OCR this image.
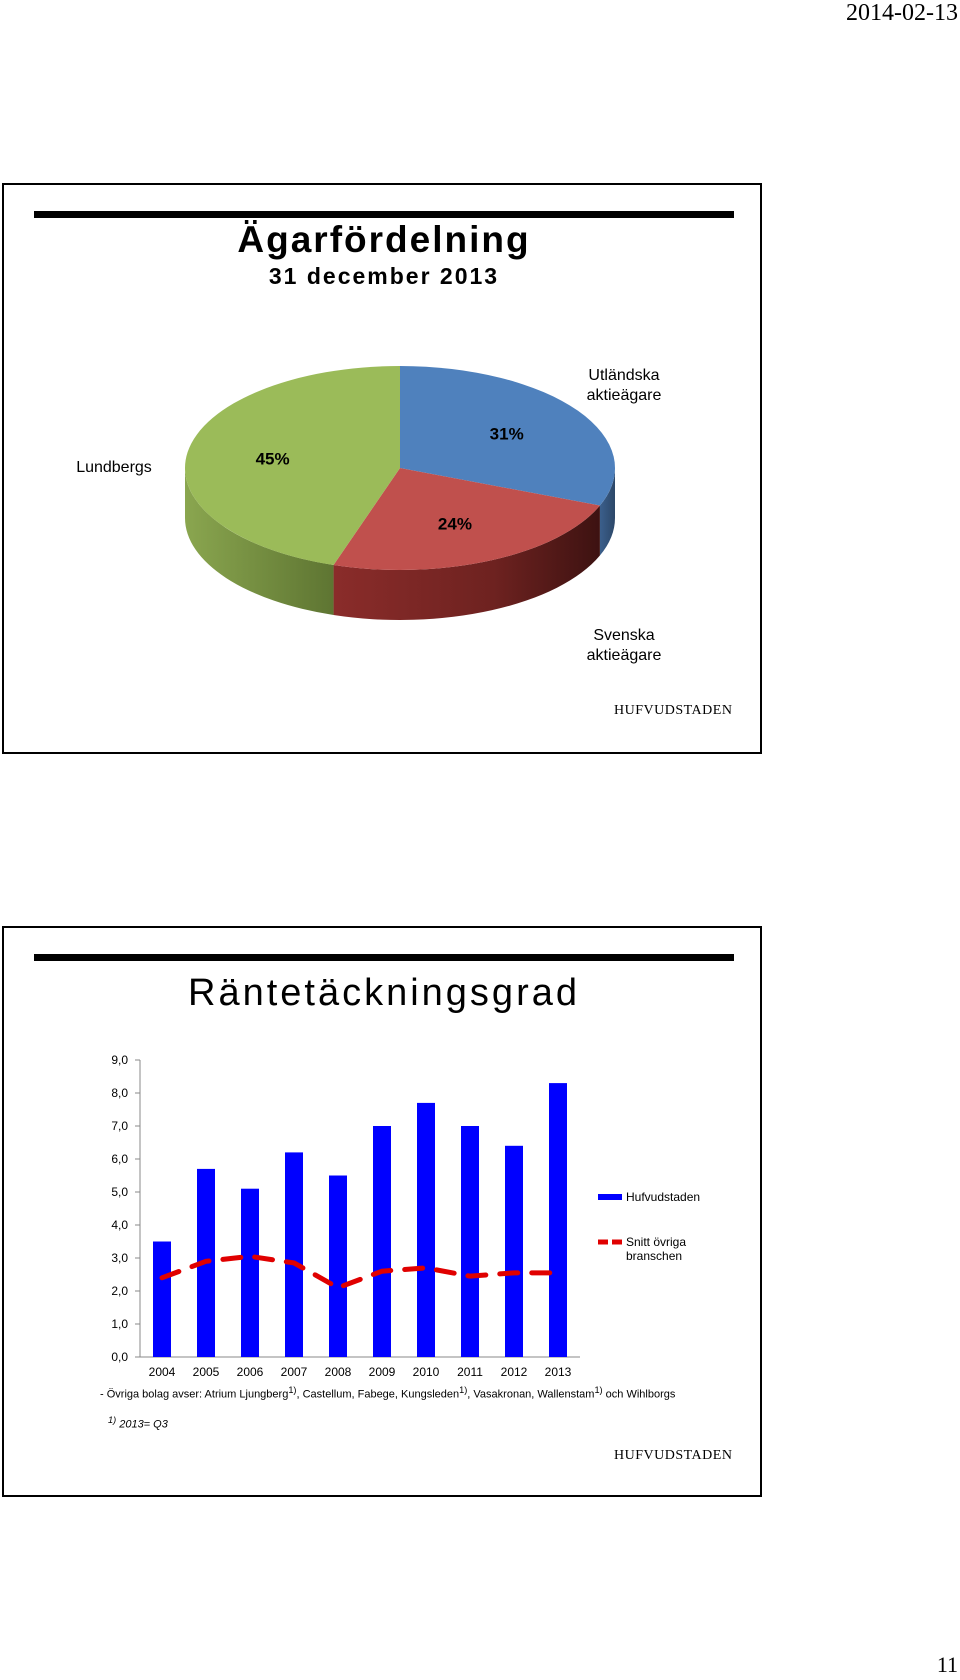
2014-02-13
Ägarfördelning
31 december 2013
31%
24%
45%
Utländska
aktieägare
Lundbergs
Svenska
aktieägare
HUFVUDSTADEN
Räntetäckningsgrad
0,0
1,0
2,0
3,0
4,0
5,0
6,0
7,0
8,0
9,0
2004 2005 2006 2007 2008 2009 2010 2011 2012 2013
Hufvudstaden
Snitt övriga
branschen
- Övriga bolag avser: Atrium Ljungberg$^{1)}$, Castellum, Fabege, Kungsleden$^{1)}$, Vasakronan, Wallenstam$^{1)}$ och Wihlborgs
$^{1)}$ 2013= Q3
HUFVUDSTADEN
11
